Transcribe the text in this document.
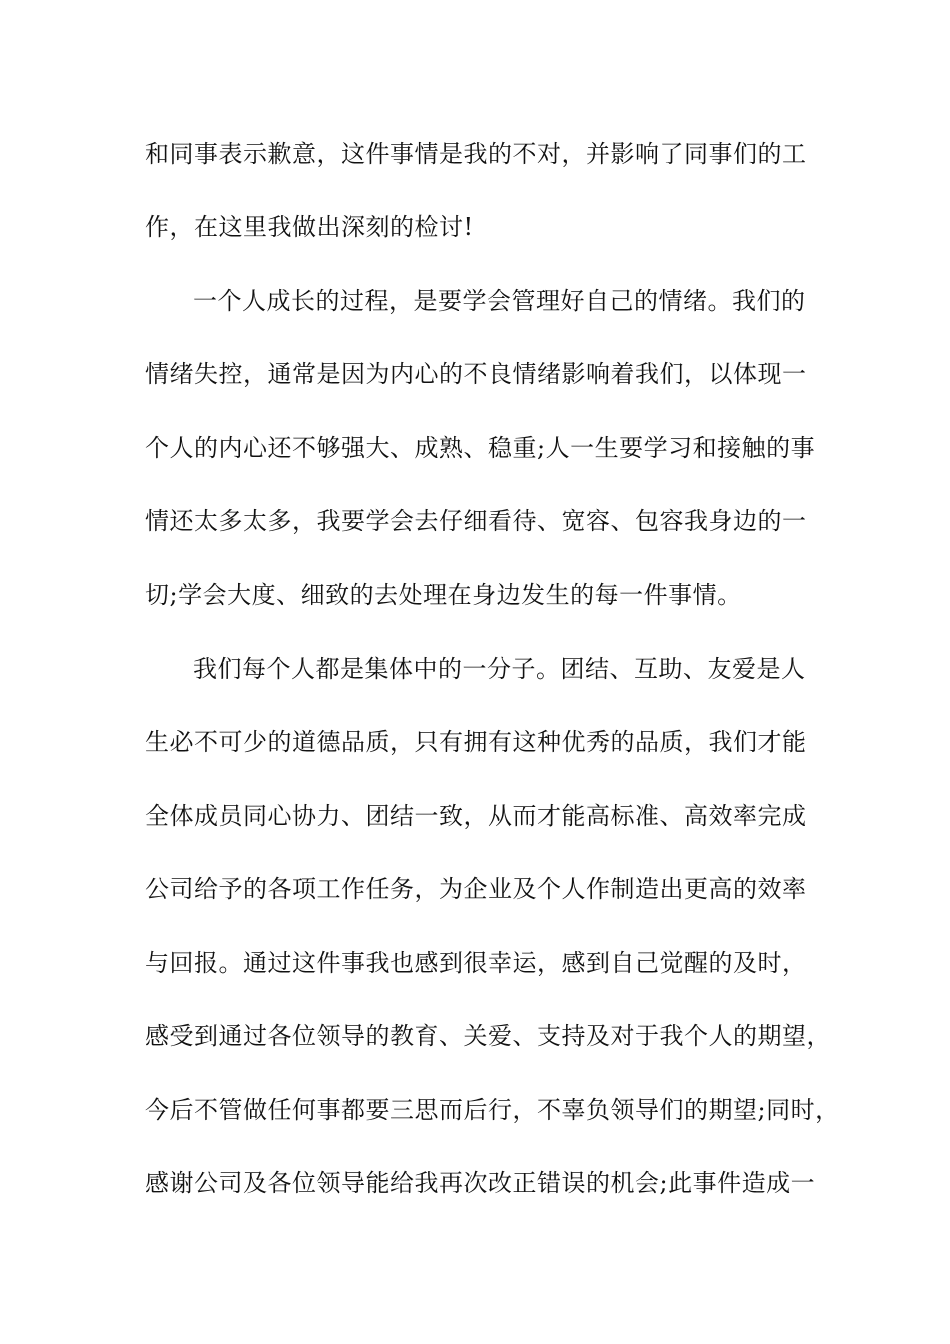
和同事表示歉意，这件事情是我的不对，并影响了同事们的工
作，在这里我做出深刻的检讨!
一个人成长的过程，是要学会管理好自己的情绪。我们的
情绪失控，通常是因为内心的不良情绪影响着我们，以体现一
个人的内心还不够强大、成熟、稳重;人一生要学习和接触的事
情还太多太多，我要学会去仔细看待、宽容、包容我身边的一
切;学会大度、细致的去处理在身边发生的每一件事情。
我们每个人都是集体中的一分子。团结、互助、友爱是人
生必不可少的道德品质，只有拥有这种优秀的品质，我们才能
全体成员同心协力、团结一致，从而才能高标准、高效率完成
公司给予的各项工作任务，为企业及个人作制造出更高的效率
与回报。通过这件事我也感到很幸运，感到自己觉醒的及时，
感受到通过各位领导的教育、关爱、支持及对于我个人的期望，
今后不管做任何事都要三思而后行，不辜负领导们的期望;同时，
感谢公司及各位领导能给我再次改正错误的机会;此事件造成一
